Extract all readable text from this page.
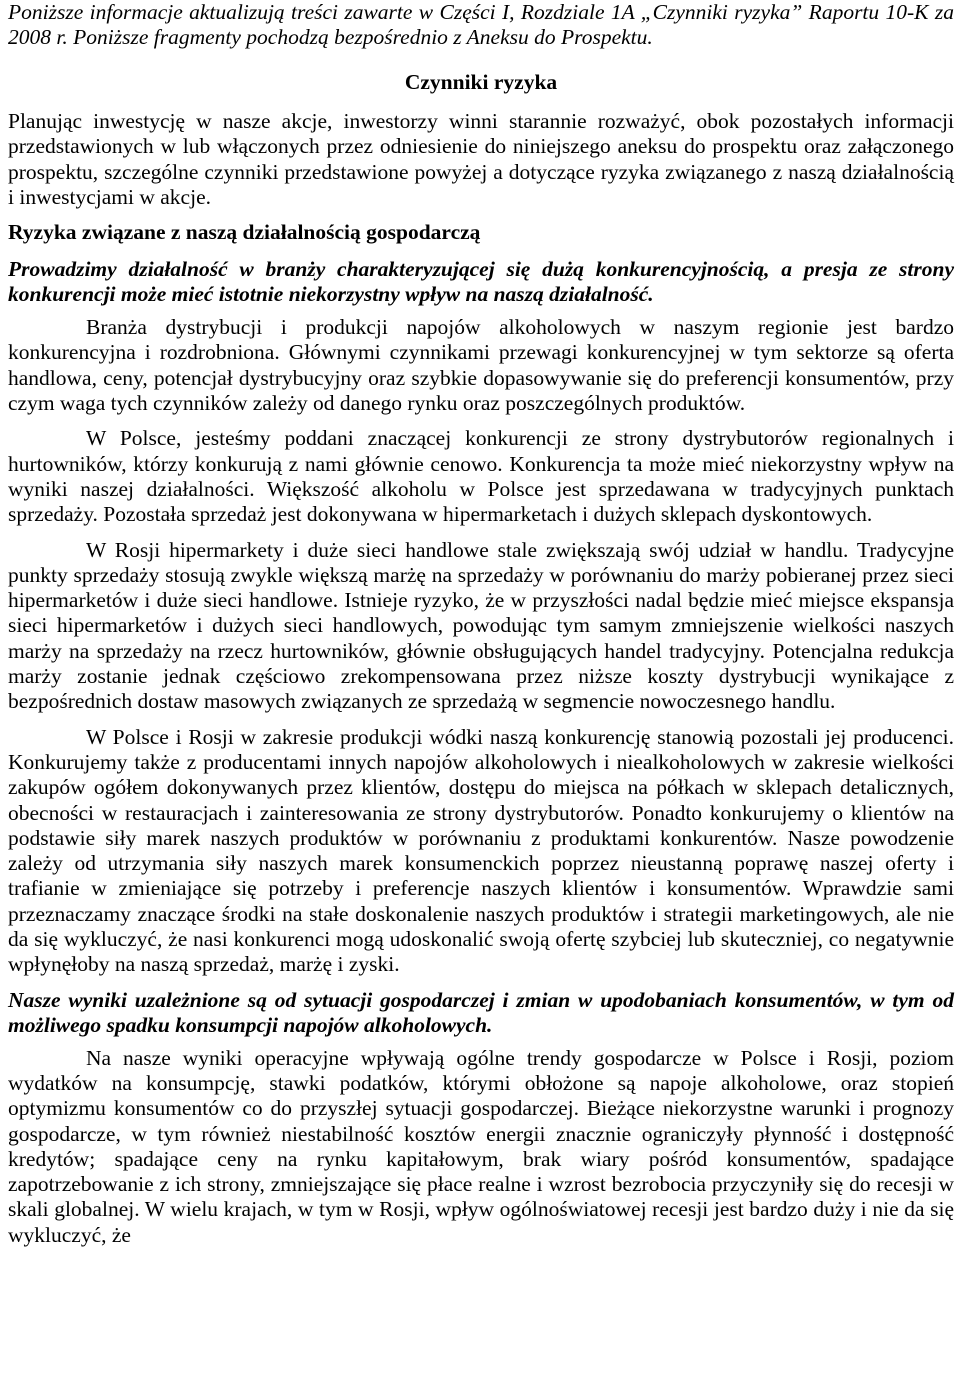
Poniższe informacje aktualizują treści zawarte w Części I, Rozdziale 1A „Czynniki ryzyka” Raportu 10-K za 2008 r. Poniższe fragmenty pochodzą bezpośrednio z Aneksu do Prospektu.

Czynniki ryzyka

Planując inwestycję w nasze akcje, inwestorzy winni starannie rozważyć, obok pozostałych informacji przedstawionych w lub włączonych przez odniesienie do niniejszego aneksu do prospektu oraz załączonego prospektu, szczególne czynniki przedstawione powyżej a dotyczące ryzyka związanego z naszą działalnością i inwestycjami w akcje.

Ryzyka związane z naszą działalnością gospodarczą

Prowadzimy działalność w branży charakteryzującej się dużą konkurencyjnością, a presja ze strony konkurencji może mieć istotnie niekorzystny wpływ na naszą działalność.

Branża dystrybucji i produkcji napojów alkoholowych w naszym regionie jest bardzo konkurencyjna i rozdrobniona. Głównymi czynnikami przewagi konkurencyjnej w tym sektorze są oferta handlowa, ceny, potencjał dystrybucyjny oraz szybkie dopasowywanie się do preferencji konsumentów, przy czym waga tych czynników zależy od danego rynku oraz poszczególnych produktów.

W Polsce, jesteśmy poddani znaczącej konkurencji ze strony dystrybutorów regionalnych i hurtowników, którzy konkurują z nami głównie cenowo. Konkurencja ta może mieć niekorzystny wpływ na wyniki naszej działalności. Większość alkoholu w Polsce jest sprzedawana w tradycyjnych punktach sprzedaży. Pozostała sprzedaż jest dokonywana w hipermarketach i dużych sklepach dyskontowych.

W Rosji hipermarkety i duże sieci handlowe stale zwiększają swój udział w handlu. Tradycyjne punkty sprzedaży stosują zwykle większą marżę na sprzedaży w porównaniu do marży pobieranej przez sieci hipermarketów i duże sieci handlowe. Istnieje ryzyko, że w przyszłości nadal będzie mieć miejsce ekspansja sieci hipermarketów i dużych sieci handlowych, powodując tym samym zmniejszenie wielkości naszych marży na sprzedaży na rzecz hurtowników, głównie obsługujących handel tradycyjny. Potencjalna redukcja marży zostanie jednak częściowo zrekompensowana przez niższe koszty dystrybucji wynikające z bezpośrednich dostaw masowych związanych ze sprzedażą w segmencie nowoczesnego handlu.

W Polsce i Rosji w zakresie produkcji wódki naszą konkurencję stanowią pozostali jej producenci. Konkurujemy także z producentami innych napojów alkoholowych i niealkoholowych w zakresie wielkości zakupów ogółem dokonywanych przez klientów, dostępu do miejsca na półkach w sklepach detalicznych, obecności w restauracjach i zainteresowania ze strony dystrybutorów. Ponadto konkurujemy o klientów na podstawie siły marek naszych produktów w porównaniu z produktami konkurentów. Nasze powodzenie zależy od utrzymania siły naszych marek konsumenckich poprzez nieustanną poprawę naszej oferty i trafianie w zmieniające się potrzeby i preferencje naszych klientów i konsumentów. Wprawdzie sami przeznaczamy znaczące środki na stałe doskonalenie naszych produktów i strategii marketingowych, ale nie da się wykluczyć, że nasi konkurenci mogą udoskonalić swoją ofertę szybciej lub skuteczniej, co negatywnie wpłynęłoby na naszą sprzedaż, marżę i zyski.

Nasze wyniki uzależnione są od sytuacji gospodarczej i zmian w upodobaniach konsumentów, w tym od możliwego spadku konsumpcji napojów alkoholowych.

Na nasze wyniki operacyjne wpływają ogólne trendy gospodarcze w Polsce i Rosji, poziom wydatków na konsumpcję, stawki podatków, którymi obłożone są napoje alkoholowe, oraz stopień optymizmu konsumentów co do przyszłej sytuacji gospodarczej. Bieżące niekorzystne warunki i prognozy gospodarcze, w tym również niestabilność kosztów energii znacznie ograniczyły płynność i dostępność kredytów; spadające ceny na rynku kapitałowym, brak wiary pośród konsumentów, spadające zapotrzebowanie z ich strony, zmniejszające się płace realne i wzrost bezrobocia przyczyniły się do recesji w skali globalnej. W wielu krajach, w tym w Rosji, wpływ ogólnoświatowej recesji jest bardzo duży i nie da się wykluczyć, że
